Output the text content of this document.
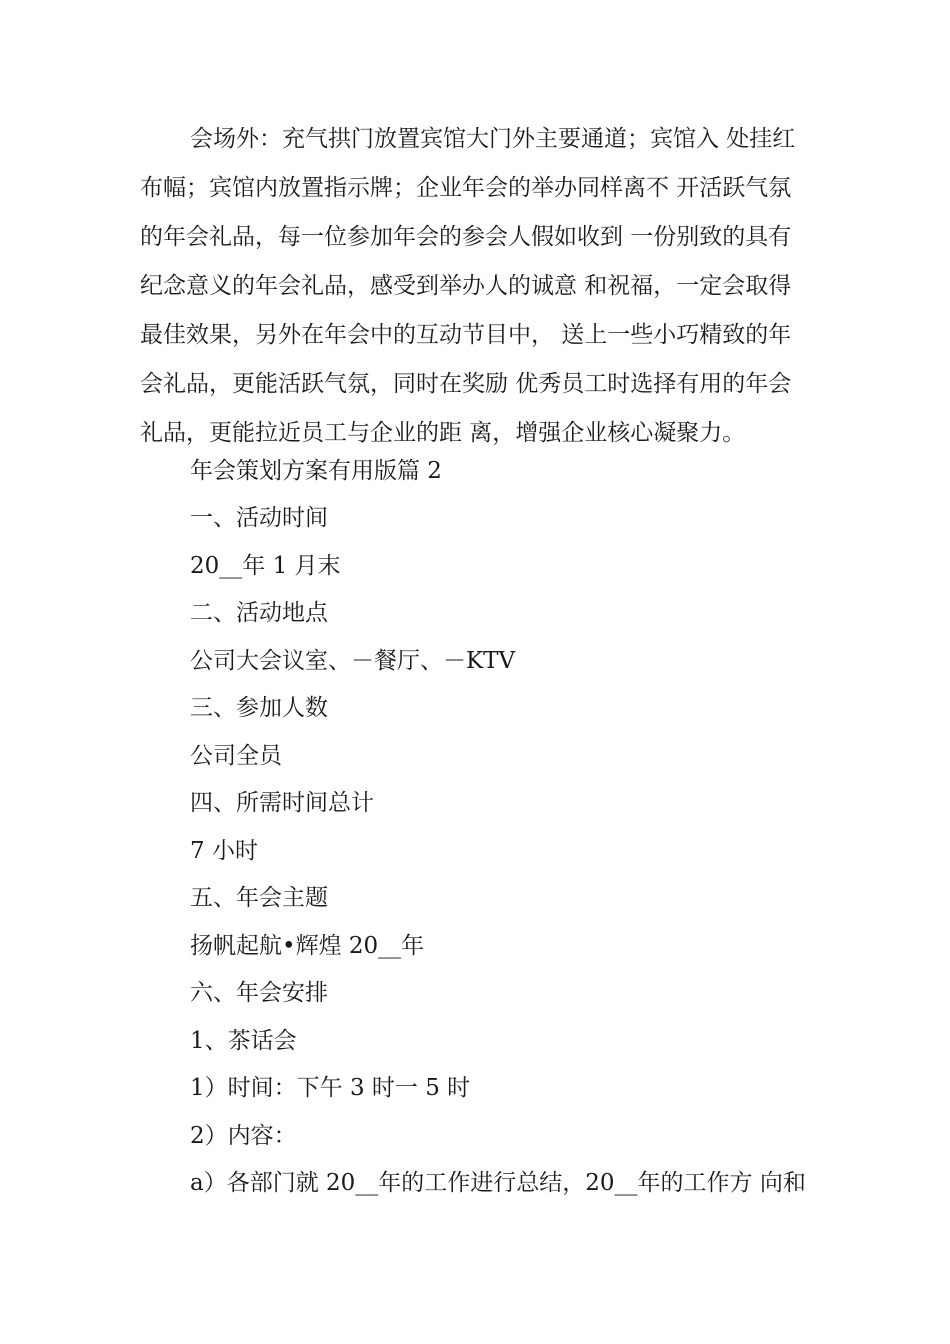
会场外：充气拱门放置宾馆大门外主要通道；宾馆入 处挂红
布幅；宾馆内放置指示牌；企业年会的举办同样离不 开活跃气氛
的年会礼品，每一位参加年会的参会人假如收到 一份别致的具有
纪念意义的年会礼品，感受到举办人的诚意 和祝福，一定会取得
最佳效果，另外在年会中的互动节目中， 送上一些小巧精致的年
会礼品，更能活跃气氛，同时在奖励 优秀员工时选择有用的年会
礼品，更能拉近员工与企业的距 离，增强企业核心凝聚力。

年会策划方案有用版篇 2
一、活动时间
20__年 1 月末
二、活动地点
公司大会议室、－餐厅、－KTV
三、参加人数
公司全员
四、所需时间总计
7 小时
五、年会主题
扬帆起航•辉煌 20__年
六、年会安排
1、茶话会
1）时间：下午 3 时一 5 时
2）内容：
a）各部门就 20__年的工作进行总结，20__年的工作方 向和
